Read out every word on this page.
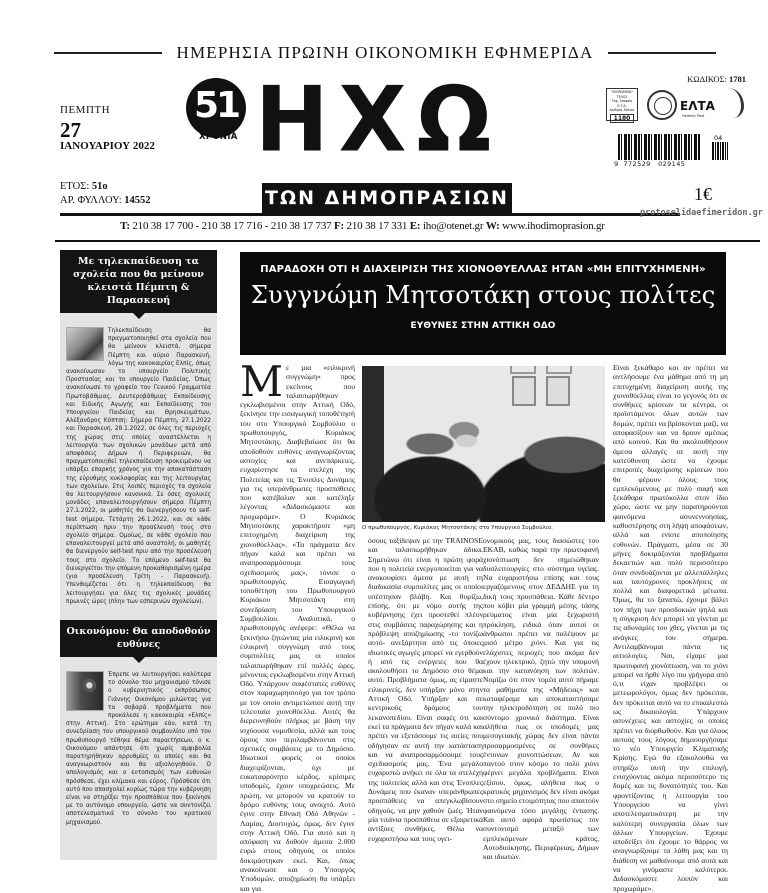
ΗΜΕΡΗΣΙΑ ΠΡΩΙΝΗ ΟΙΚΟΝΟΜΙΚΗ ΕΦΗΜΕΡΙΔΑ
ΠΕΜΠΤΗ
27
ΙΑΝΟΥΑΡΙΟΥ 2022
ΕΤΟΣ: 51ο
ΑΡ. ΦΥΛΛΟΥ: 14552
51
ΧΡΟΝΙΑ ΗΧΩ
ΤΩΝ ΔΗΜΟΠΡΑΣΙΩΝ
ΚΩΔΙΚΟΣ: 1781
ΠΛΗΡΩΜΕΝΟ ΤΕΛΟΣ
Ταχ. Γραφείο
Κ.Τ.Α.
Αριθμός Άδειας
1180
ΕΛΤΑ
Hellenic Post
04
9  772529   029145
1€
protoselidaefimeridon.gr
T: 210 38 17 700 - 210 38 17 716 - 210 38 17 737 F: 210 38 17 331 E: iho@otenet.gr W: www.ihodimoprasion.gr
Με τηλεκπαίδευση τα σχολεία που θα μείνουν κλειστά Πέμπτη & Παρασκευή
Τηλεκπαίδευση θα πραγματοποιηθεί στα σχολεία που θα μείνουν κλειστά, σήμερα Πέμπτη και αύριο Παρασκευή, λόγω της κακοκαιρίας Ελπίς, όπως ανακοίνωσαν το υπουργείο Πολιτικής Προστασίας και το υπουργείο Παιδείας. Όπως ανακοίνωσε το γραφείο του Γενικού Γραμματέα Πρωτοβάθμιας, Δευτεροβάθμιας Εκπαίδευσης και Ειδικής Αγωγής και Εκπαίδευσης του Υπουργείου Παιδείας και Θρησκευμάτων, Αλέξανδρος Κόπτση: Σήμερα Πέμπτη, 27.1.2022 και Παρασκευή, 28.1.2022, σε όλες τις περιοχές της χώρας στις οποίες αναστέλλεται η λειτουργία των σχολικών μονάδων μετά από αποφάσεις Δήμων ή Περιφερειών, θα πραγματοποιηθεί τηλεκπαίδευση προκειμένου να υπάρξει επαρκής χρόνος για την αποκατάσταση της εύρυθμης κυκλοφορίας και της λειτουργίας των σχολείων. Στις λοιπές περιοχές τα σχολεία θα λειτουργήσουν κανονικά. Σε όσες σχολικές μονάδες επαναλειτουργήσουν σήμερα Πέμπτη 27.1.2022, οι μαθητές θα διενεργήσουν το self-test σήμερα, Τετάρτη 26.1.2022, και σε κάθε περίπτωση πριν την προσέλευσή τους στο σχολείο σήμερα. Ομοίως, σε κάθε σχολείο που επαναλειτουργεί μετά από αναστολή, οι μαθητές θα διενεργούν self-test πριν από την προσέλευσή τους στο σχολείο. Το επόμενο self-test θα διενεργείται την επόμενη προκαθορισμένη ημέρα (για προσέλευση Τρίτη - Παρασκευή). Υπενθυμίζεται ότι η τηλεκπαίδευση θα λειτουργήσει για όλες τις σχολικές μονάδες πρωινές ώρες (πλην των εσπερινών σχολείων).
Οικονόμου: Θα αποδοθούν ευθύνες
Έπρεπε να λειτουργήσει καλύτερα το σύνολο του μηχανισμού τόνισε ο κυβερνητικός εκπρόσωπος Γιάννης Οικονόμου μιλώντας για τα σοβαρά προβλήματα που προκάλεσε η κακοκαιρία «Ελπίς» στην Αττική. Στο ερώτημα εάν, κατά τη συνεδρίαση του υπουργικού συμβουλίου υπό τον πρωθυπουργό τέθηκε θέμα παραιτήσεων, ο κ. Οικονόμου απάντησε ότι χωρίς αμφιβολία παρατηρήθηκαν αρρυθμίες οι οποίες και θα αναγνωριστούν και θα αξιολογηθούν. Ο απολογισμός και ο εντοπισμός των ευθυνών πρόσθεσε, έχει κλίμακα και εύρος. Πρόσθεσε ότι αυτό που απασχολεί κυρίως τώρα την κυβέρνηση είναι να στηρίξει την προσπάθεια που ξεκίνησε με το αυτόνομο υπουργείο, ώστε να συντονίζει αποτελεσματικά το σύνολο του κρατικού μηχανισμού.
ΠΑΡΑΔΟΧΗ ΟΤΙ Η ΔΙΑΧΕΙΡΙΣΗ ΤΗΣ ΧΙΟΝΟΘΥΕΛΛΑΣ ΗΤΑΝ «ΜΗ ΕΠΙΤΥΧΗΜΕΝΗ»
Συγγνώμη Μητσοτάκη στους πολίτες
ΕΥΘΥΝΕΣ ΣΤΗΝ ΑΤΤΙΚΗ ΟΔΟ
Μ ε μια «ειλικρινή συγγνώμη» προς εκείνους που ταλαιπωρήθηκαν εγκλωβισμένοι στην Αττική Οδό, ξεκίνησε την εισαγωγική τοποθέτησή του στο Υπουργικό Συμβούλιο ο πρωθυπουργός, Κυριάκος Μητσοτάκης. Διαβεβαίωσε ότι θα αποδοθούν ευθύνες αναγνωρίζοντας αστοχίες και ανεπάρκειες, ευχαρίστησε τα στελέχη της Πολιτείας και τις Ένοπλες Δυνάμεις για τις υπεράνθρωπες προσπάθειες που κατέβαλαν και κατέληξε λέγοντας «Διδασκόμαστε και προχωράμε». Ο Κυριάκος Μητσοτάκης χαρακτήρισε «μη επιτυχημένη διαχείριση της χιονοθύελλας». «Τα πράγματα δεν πήγαν καλά και πρέπει να αναπροσαρμόσουμε τους σχεδιασμούς μας», τόνισε ο πρωθυπουργός. Εισαγωγική τοποθέτηση του Πρωθυπουργού Κυριάκου Μητσοτάκη στη συνεδρίαση του Υπουργικού Συμβουλίου. Αναλυτικά, ο πρωθυπουργός ανέφερε: «Θέλω να ξεκινήσω ζητώντας μία ειλικρινή και ειλικρινή συγγνώμη από τους συμπολίτες μας οι οποίοι ταλαιπωρήθηκαν επί πολλές ώρες, μένοντας εγκλωβισμένοι στην Αττική Οδό. Υπάρχουν σαφέστατες ευθύνες στον παραχωρησιούχο για τον τρόπο με τον οποίο αντιμετώπισε αυτή την τελευταία χιονοθύελλα. Αυτές θα διερευνηθούν πλήρως με βάση την ισχύουσα νομοθεσία, αλλά και τους όρους που περιλαμβάνονται στις σχετικές συμβάσεις με το Δημόσιο. Ιδιωτικοί φορείς οι οποίοι διαχειρίζονται, όχι με ευκαταφρόνητο κέρδος, κρίσιμες υποδομές, έχουν υποχρεώσεις. Με πρώτη, να μπορούν να κρατούν το δρόμο ευθύνης τους ανοιχτό. Αυτό έγινε στην Εθνική Οδό Αθηνών - Λαμίας. Δυστυχώς, όμως, δεν έγινε στην Αττική Οδό. Για αυτό και η απόφαση να δοθούν άμεσα 2.000 ευρώ στους οδηγούς οι οποίοι δοκιμάστηκαν εκεί. Και, όπως ανακοίνωσε και ο Υπουργός Υποδομών, αποζημίωση θα υπάρξει και για
Ο πρωθυπουργός, Κυριάκος Μητσοτάκης στο Υπουργικό Συμβούλιο.
όσους ταξίδεψαν με την TRAINOSE και ταλαιπωρήθηκαν άδικα. Σημειώνω ότι είναι η πρώτη φορά που η πολιτεία ενεργοποιείται για να ανακουφίσει άμεσα με αυτή τη διαδικασία συμπολίτες μας οι οποίοι υπέστησαν βλάβη. Και θυμίζω, επίσης, ότι με νόμο αυτής της κυβέρνησης έχει προστεθεί πλέον στις συμβάσεις παραχώρησης και η πρόβλεψη αποζημίωσης -το τονίζω αυτό- ανεξάρτητα από τις όποιες ιδιωτικές αγωγές μπορεί να εγερθούν ή από τις ενέργειες που θα ακολουθήσει το Δημόσιο στο θέμα αυτό. Προβλήματα όμως, ας είμαστε ειλικρινείς, δεν υπήρξαν μόνο στην Αττική Οδό. Υπήρξαν και σε κεντρικούς δρόμους του λεκανοπεδίου. Είναι σαφές ότι και εκεί τα πράγματα δεν πήγαν καλά και πρέπει να εξετάσουμε τις αιτίες που οδήγησαν σε αυτή την κατάσταση και να αναπροσαρμόσουμε τους σχεδιασμούς μας. Ένα μεγάλο ευχαριστώ ανήκει σε όλα τα στελέχη της πολιτείας αλλά και στις Ένοπλες Δυνάμεις που έκαναν υπεράνθρωπες προσπάθειες να απεγκλωβίσουν οδηγούς, να μην χαθούν ζωές. Ήταν μία τιτάνια προσπάθεια σε εξαιρετικά αντίξοες συνθήκες. Θέλω να ευχαριστήσω και τους υγει-
ονομικούς μας, τους διασώστες του ΕΚΑΒ, καθώς παρά την πρωτοφανή χιονόπτωση δεν σημειώθηκαν δυσλειτουργίες στο σύστημα υγείας. Να ευχαριστήσω επίσης και τους εργαζόμενους στον ΔΕΔΔΗΕ για τη δική τους προσπάθεια. Κάθε δέντρο που κόβει μία γραμμή μέσης τάσης ρεύματος είναι μία ξεχωριστή πρόκληση, ειδικά όταν αυτοί οι άνθρωποι πρέπει να παλέψουν με μισό μέτρο χιόνι. Και για τις ελάχιστες περιοχές που ακόμα δεν έχουν ηλεκτρικό, ζητώ την υπομονή και την κατανόηση των πολιτών. Νομίζω ότι στον τομέα αυτό πήραμε τα μαθήματα της «Μήδειας» και καταφέραμε και αποκαταστήσαμε την ηλεκτροδότηση σε πολύ πιο σύντομο χρονικό διάστημα. Είναι αλήθεια πως οι υποδομές μας μεσογειακής χώρας δεν είναι πάντα προσαρμοσμένες σε συνθήκες έντονων χιονοπτώσεων. Αν και παντού στον κόσμο το πολύ χιόνι φέρνει μεγάλα προβλήματα. Είναι εξίσου, όμως, αλήθεια πως ο κρατικός μηχανισμός δεν είναι ακόμα στο σημείο ετοιμότητας που απαιτούν φαινόμενα τόσο μεγάλης έντασης. Και αυτό αφορά πρωτίστως τον συντονισμό μεταξύ των εμπλεκόμενων κράτος, Αυτοδιοίκησης, Περιφέρειας, Δήμων και ιδιωτών.
Είναι ξεκάθαρο και αν πρέπει να αντλήσουμε ένα μάθημα από τη μη επιτυχημένη διαχείριση αυτής της χιονοθύελλας είναι το γεγονός ότι σε συνθήκες κρίσεων τα κέντρα, οι προϊστάμενοι όλων αυτών των δομών, πρέπει να βρίσκονται μαζί, να αποφασίζουν και να δρουν αμέσως από κοινού. Και θα ακολουθήσουν άμεσα αλλαγές σε αυτή την κατεύθυνση ώστε να έχουμε επιτροπές διαχείρισης κρίσεων που θα φέρουν όλους τους εμπλεκόμενους με πολύ σαφή και ξεκάθαρα πρωτόκολλα στον ίδιο χώρο, ώστε να μην παρατηρούνται φαινόμενα ασυνεννοησίας, καθυστέρησης στη λήψη αποφάσεων, αλλά και ενίοτε αποποίησης ευθυνών. Πράγματι, μέσα σε 30 μήνες δοκιμάζονται προβλήματα δεκαετιών και πολύ περισσότερο όταν συνδυάζονται με αλλεπάλληλες και ταυτόχρονες προκλήσεις σε πολλά και διαφορετικά μέτωπα. Όμως, θα το ξαναπώ, έχουμε βάλει τον πήχη των προσδοκιών ψηλά και η σύγκριση δεν μπορεί να γίνεται με τις αδυναμίες του χθες, γίνεται με τις ανάγκες του σήμερα. Αντιλαμβάνομαι πάντα τις αιτιολογίες. Ναι, είχαμε μια πρωτοφανή χιονόπτωση, ναι το χιόνι μπορεί να ήρθε λίγο πιο γρήγορα από ό,τι είχαν προβλέψει οι μετεωρολόγοι, όμως δεν πρόκειται, δεν πρόκειται αυτό να το επικαλεστώ ως δικαιολογία. Υπάρχουν ασυνέχειες και αστοχίες οι οποίες πρέπει να διορθωθούν. Και για όλους αυτούς τους λόγους δημιουργήσαμε το νέο Υπουργείο Κλιματικής Κρίσης. Εγώ θα εξακολουθώ να στηρίζω αυτή την επιλογή, ενισχύοντας ακόμα περισσότερο τις δομές και τις δυνατότητές του. Και φροντίζοντας η λειτουργία του Υπουργείου να γίνει αποτελεσματικότερη με την καλύτερη συνεργασία όλων των άλλων Υπουργείων. Έχουμε αποδείξει ότι έχουμε το θάρρος να αναγνωρίζουμε τα λάθη μας και τη διάθεση να μαθαίνουμε από αυτά και να γινόμαστε καλύτεροι. Διδασκόμαστε λοιπόν και προχωράμε».
